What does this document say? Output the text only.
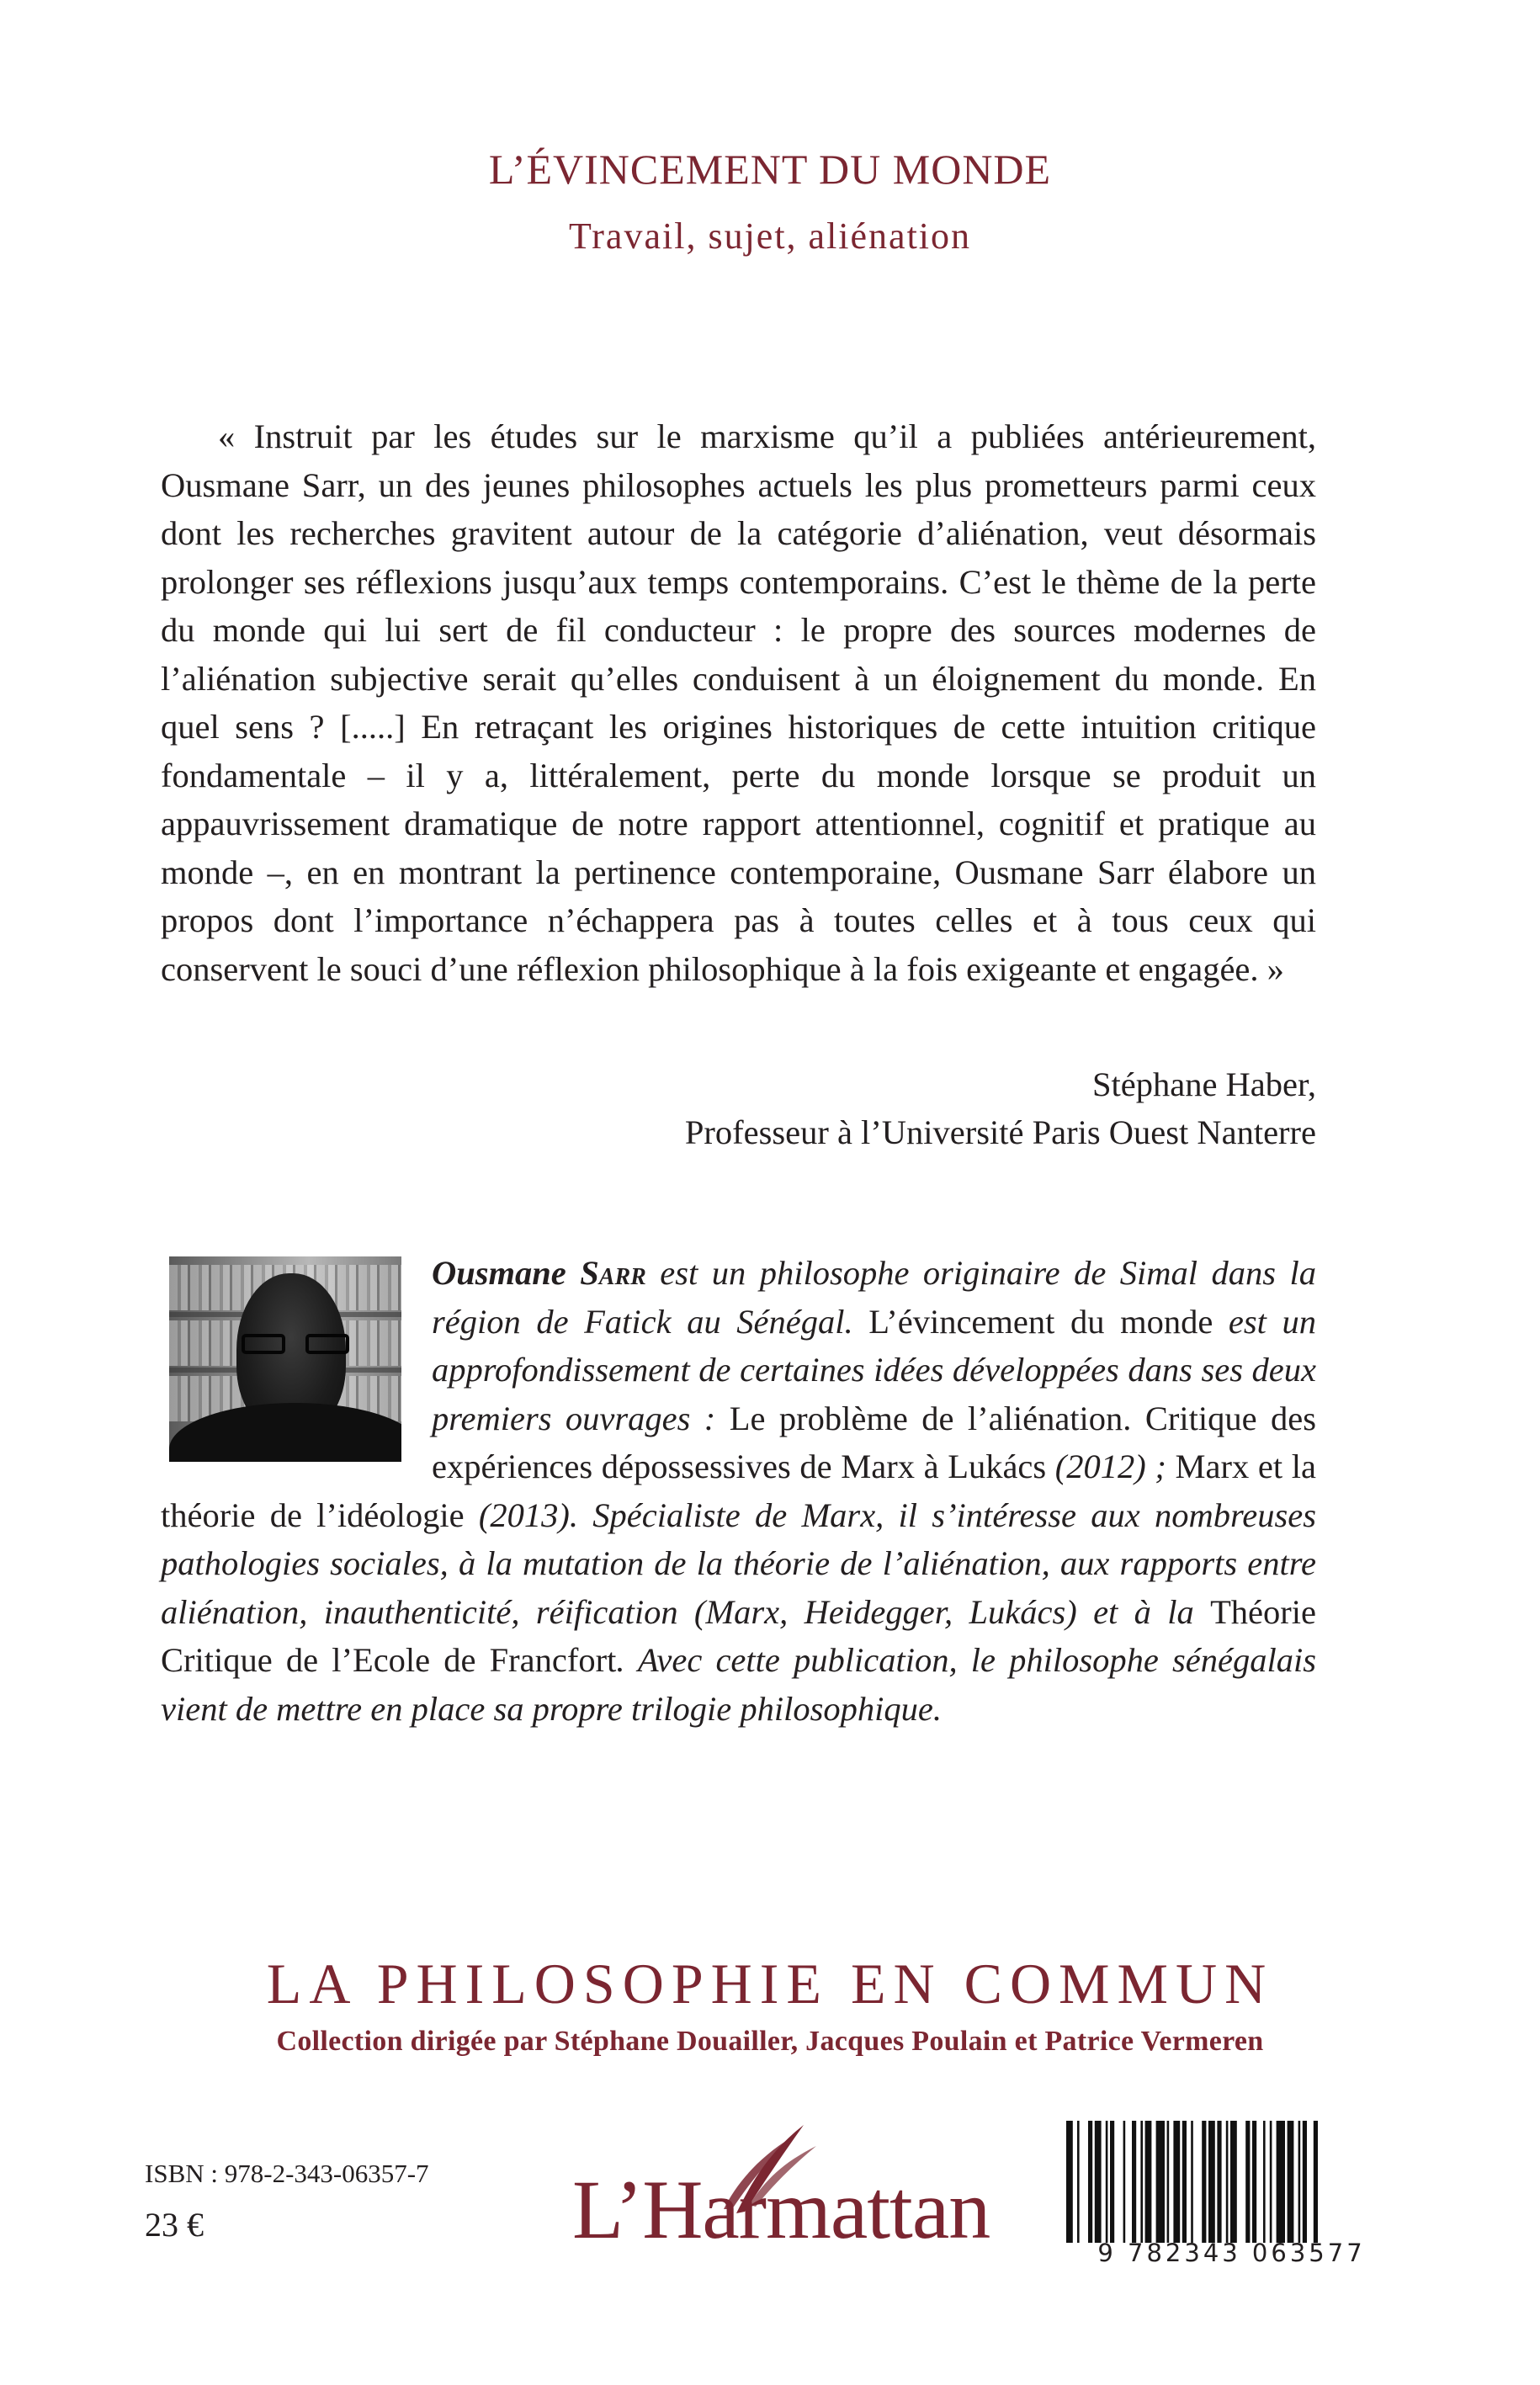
L’ÉVINCEMENT DU MONDE
Travail, sujet, aliénation

« Instruit par les études sur le marxisme qu’il a publiées antérieurement, Ousmane Sarr, un des jeunes philosophes actuels les plus prometteurs parmi ceux dont les recherches gravitent autour de la catégorie d’aliénation, veut désormais prolonger ses réflexions jusqu’aux temps contemporains. C’est le thème de la perte du monde qui lui sert de fil conducteur : le propre des sources modernes de l’aliénation subjective serait qu’elles conduisent à un éloignement du monde. En quel sens ? [.....] En retraçant les origines historiques de cette intuition critique fondamentale – il y a, littéralement, perte du monde lorsque se produit un appauvrissement dramatique de notre rapport attentionnel, cognitif et pratique au monde –, en en montrant la pertinence contemporaine, Ousmane Sarr élabore un propos dont l’importance n’échappera pas à toutes celles et à tous ceux qui conservent le souci d’une réflexion philosophique à la fois exigeante et engagée. »

Stéphane Haber,
Professeur à l’Université Paris Ouest Nanterre
Ousmane Sarr est un philosophe originaire de Simal dans la région de Fatick au Sénégal. L’évincement du monde est un approfondissement de certaines idées développées dans ses deux premiers ouvrages : Le problème de l’aliénation. Critique des expériences dépossessives de Marx à Lukács (2012) ; Marx et la théorie de l’idéologie (2013). Spécialiste de Marx, il s’intéresse aux nombreuses pathologies sociales, à la mutation de la théorie de l’aliénation, aux rapports entre aliénation, inauthenticité, réification (Marx, Heidegger, Lukács) et à la Théorie Critique de l’Ecole de Francfort. Avec cette publication, le philosophe sénégalais vient de mettre en place sa propre trilogie philosophique.
LA PHILOSOPHIE EN COMMUN
Collection dirigée par Stéphane Douailler, Jacques Poulain et Patrice Vermeren
ISBN : 978-2-343-06357-7
23 €	L’Harmattan	9 782343 063577
